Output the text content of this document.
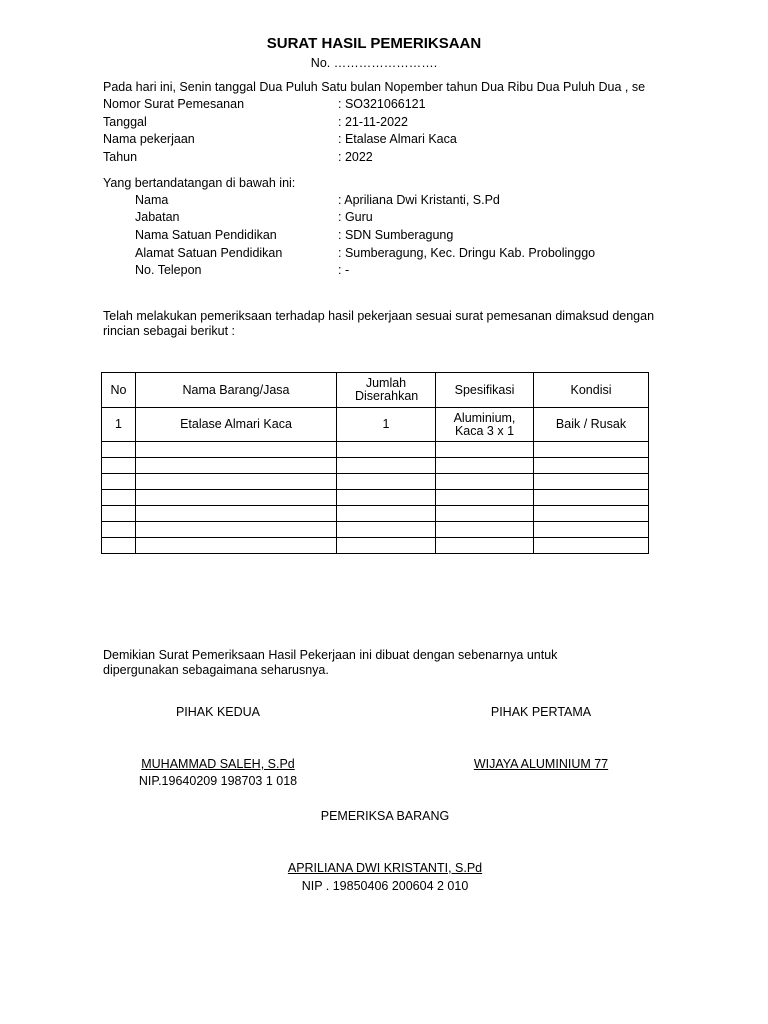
SURAT HASIL PEMERIKSAAN
No. …………………….
Pada hari ini, Senin tanggal Dua Puluh Satu bulan Nopember tahun Dua Ribu Dua Puluh Dua , se
Nomor Surat Pemesanan	: SO321066121
Tanggal	: 21-11-2022
Nama pekerjaan	: Etalase Almari Kaca
Tahun	: 2022
Yang bertandatangan di bawah ini:
Nama	: Apriliana Dwi Kristanti, S.Pd
Jabatan	: Guru
Nama Satuan Pendidikan	: SDN Sumberagung
Alamat Satuan Pendidikan	: Sumberagung, Kec. Dringu Kab. Probolinggo
No. Telepon	: -
Telah melakukan pemeriksaan terhadap hasil pekerjaan sesuai surat pemesanan dimaksud dengan rincian sebagai berikut :
No	Nama Barang/Jasa	Jumlah Diserahkan	Spesifikasi	Kondisi
1	Etalase Almari Kaca	1	Aluminium, Kaca 3 x 1	Baik / Rusak

Demikian Surat Pemeriksaan Hasil Pekerjaan ini dibuat dengan sebenarnya untuk dipergunakan sebagaimana seharusnya.
PIHAK KEDUA	PIHAK PERTAMA
MUHAMMAD SALEH, S.Pd
NIP.19640209 198703 1 018
WIJAYA ALUMINIUM 77
PEMERIKSA BARANG
APRILIANA DWI KRISTANTI, S.Pd
NIP . 19850406 200604 2 010
